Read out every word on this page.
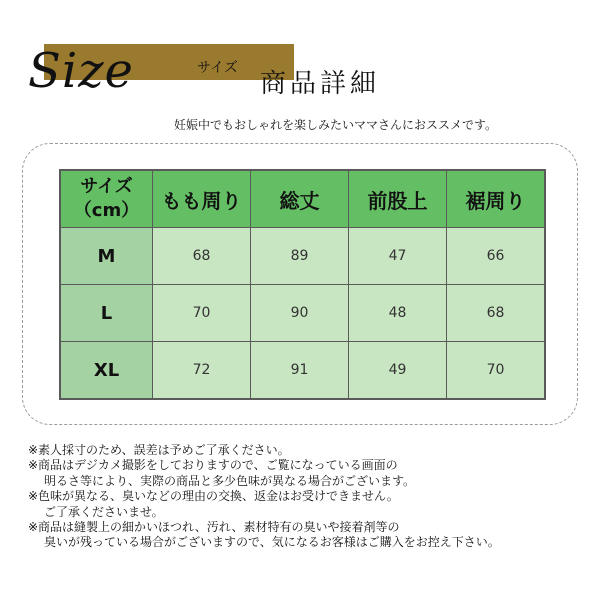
Size	サイズ
商品詳細
妊娠中でもおしゃれを楽しみたいママさんにおススメです。
サイズ
（cm）	もも周り	総丈	前股上	裾周り
M	68	89	47	66
L	70	90	48	68
XL	72	91	49	70

※素人採寸のため、誤差は予めご了承ください。

※商品はデジカメ撮影をしておりますので、ご覧になっている画面の
明るさ等により、実際の商品と多少色味が異なる場合がございます。

※色味が異なる、臭いなどの理由の交換、返金はお受けできません。
ご了承くださいませ。

※商品は縫製上の細かいほつれ、汚れ、素材特有の臭いや接着剤等の
臭いが残っている場合がございますので、気になるお客様はご購入をお控え下さい。
